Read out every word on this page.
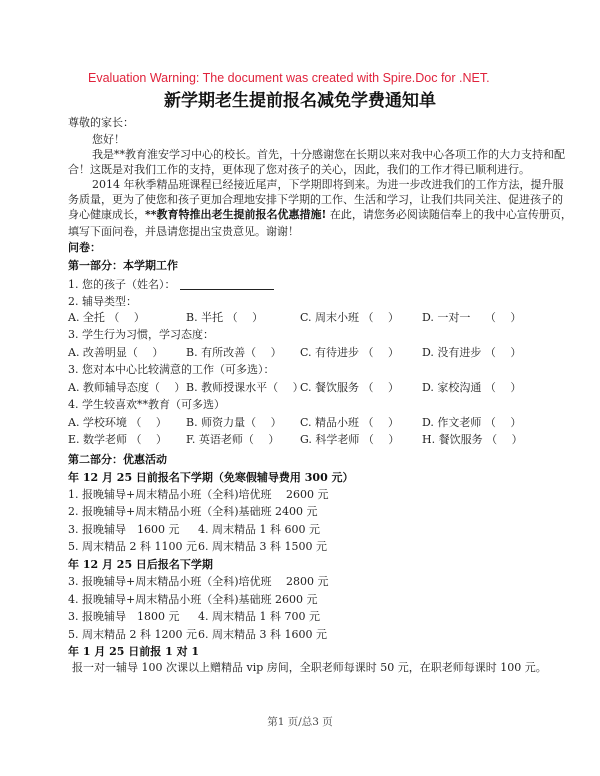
Evaluation Warning: The document was created with Spire.Doc for .NET.
新学期老生提前报名减免学费通知单
尊敬的家长：
您好！
我是**教育淮安学习中心的校长。首先，十分感谢您在长期以来对我中心各项工作的大力支持和配
合！这既是对我们工作的支持，更体现了您对孩子的关心，因此，我们的工作才得已顺利进行。
2014 年秋季精品班课程已经接近尾声，下学期即将到来。为进一步改进我们的工作方法，提升服
务质量，更为了使您和孩子更加合理地安排下学期的工作、生活和学习，让我们共同关注、促进孩子的
身心健康成长，**教育特推出老生提前报名优惠措施! 在此，请您务必阅读随信奉上的我中心宣传册页，
填写下面问卷，并恳请您提出宝贵意见。谢谢！
问卷：
第一部分：本学期工作
1. 您的孩子（姓名）：
2. 辅导类型：
A. 全托 （　 ）	B. 半托 （　 ）	C. 周末小班 （　 ） D. 一对一　 （　 ）
3. 学生行为习惯，学习态度：
A. 改善明显（　 ） B. 有所改善（　 ） C. 有待进步 （　 ） D. 没有进步 （　 ）
3. 您对本中心比较满意的工作（可多选）：
A. 教师辅导态度（　 ） B. 教师授课水平（　 ）
C. 餐饮服务 （　 ） D. 家校沟通 （　 ）
4. 学生较喜欢**教育（可多选）
A. 学校环境 （　 ） B. 师资力量（　 ） C. 精品小班 （　 ） D. 作文老师 （　 ）
E. 数学老师 （　 ） F. 英语老师（　 ） G. 科学老师 （　 ） H. 餐饮服务 （　 ）
第二部分：优惠活动
年 12 月 25 日前报名下学期（免寒假辅导费用 300 元）
1. 报晚辅导+周末精品小班（全科)培优班　 2600 元
2. 报晚辅导+周末精品小班（全科)基础班 2400 元
3. 报晚辅导　1600 元 4. 周末精品 1 科 600 元
5. 周末精品 2 科 1100 元 6. 周末精品 3 科 1500 元
年 12 月 25 日后报名下学期
3. 报晚辅导+周末精品小班（全科)培优班　 2800 元
4. 报晚辅导+周末精品小班（全科)基础班 2600 元
3. 报晚辅导　1800 元 4. 周末精品 1 科 700 元
5. 周末精品 2 科 1200 元 6. 周末精品 3 科 1600 元
年 1 月 25 日前报 1 对 1
报一对一辅导 100 次课以上赠精品 vip 房间，全职老师每课时 50 元，在职老师每课时 100 元。
第1 页/总3 页
